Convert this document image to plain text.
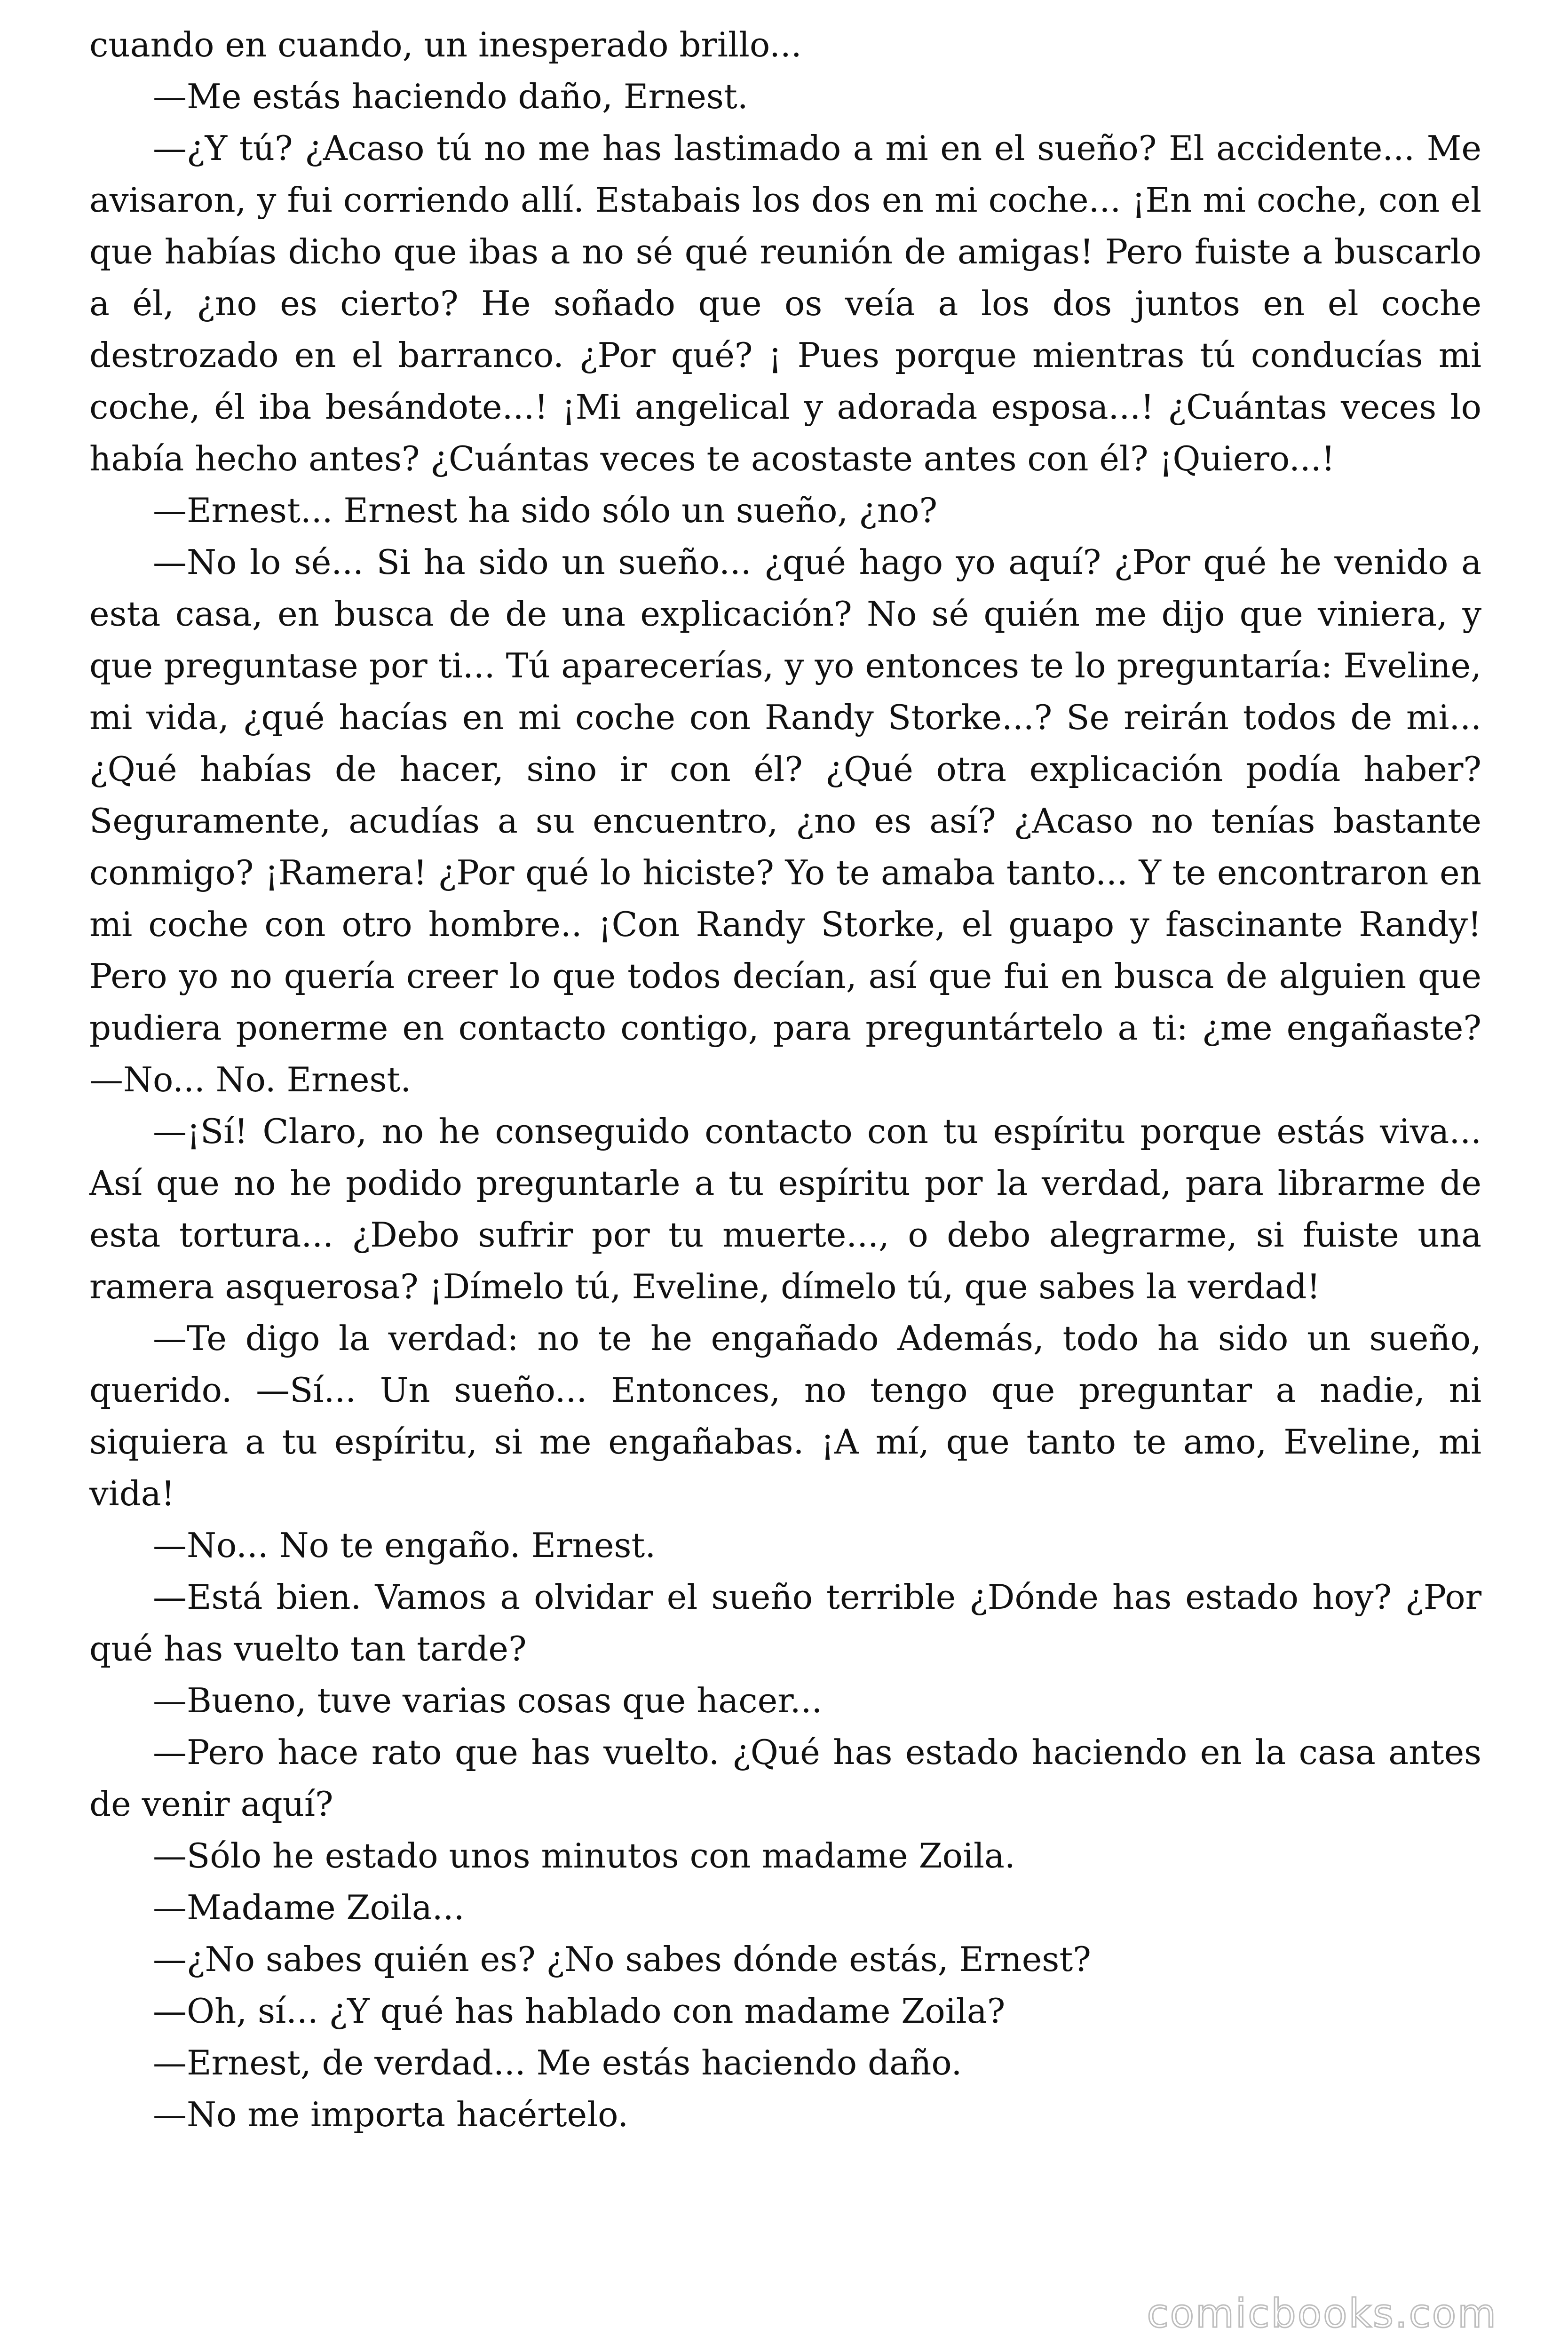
cuando en cuando, un inesperado brillo...

—Me estás haciendo daño, Ernest.

—¿Y tú? ¿Acaso tú no me has lastimado a mi en el sueño? El accidente... Me avisaron, y fui corriendo allí. Estabais los dos en mi coche... ¡En mi coche, con el que habías dicho que ibas a no sé qué reunión de amigas! Pero fuiste a buscarlo a él, ¿no es cierto? He soñado que os veía a los dos juntos en el coche destrozado en el barranco. ¿Por qué? ¡ Pues porque mientras tú conducías mi coche, él iba besándote...! ¡Mi angelical y adorada esposa...! ¿Cuántas veces lo había hecho antes? ¿Cuántas veces te acostaste antes con él? ¡Quiero...!

—Ernest... Ernest ha sido sólo un sueño, ¿no?

—No lo sé... Si ha sido un sueño... ¿qué hago yo aquí? ¿Por qué he venido a esta casa, en busca de de una explicación? No sé quién me dijo que viniera, y que preguntase por ti... Tú aparecerías, y yo entonces te lo preguntaría: Eveline, mi vida, ¿qué hacías en mi coche con Randy Storke...? Se reirán todos de mi... ¿Qué habías de hacer, sino ir con él? ¿Qué otra explicación podía haber? Seguramente, acudías a su encuentro, ¿no es así? ¿Acaso no tenías bastante conmigo? ¡Ramera! ¿Por qué lo hiciste? Yo te amaba tanto... Y te encontraron en mi coche con otro hombre.. ¡Con Randy Storke, el guapo y fascinante Randy! Pero yo no quería creer lo que todos decían, así que fui en busca de alguien que pudiera ponerme en contacto contigo, para preguntártelo a ti: ¿me engañaste? —No... No. Ernest.

—¡Sí! Claro, no he conseguido contacto con tu espíritu porque estás viva... Así que no he podido preguntarle a tu espíritu por la verdad, para librarme de esta tortura... ¿Debo sufrir por tu muerte..., o debo alegrarme, si fuiste una ramera asquerosa? ¡Dímelo tú, Eveline, dímelo tú, que sabes la verdad!

—Te digo la verdad: no te he engañado Además, todo ha sido un sueño, querido. —Sí... Un sueño... Entonces, no tengo que preguntar a nadie, ni siquiera a tu espíritu, si me engañabas. ¡A mí, que tanto te amo, Eveline, mi vida!

—No... No te engaño. Ernest.

—Está bien. Vamos a olvidar el sueño terrible ¿Dónde has estado hoy? ¿Por qué has vuelto tan tarde?

—Bueno, tuve varias cosas que hacer...

—Pero hace rato que has vuelto. ¿Qué has estado haciendo en la casa antes de venir aquí?

—Sólo he estado unos minutos con madame Zoila.

—Madame Zoila...

—¿No sabes quién es? ¿No sabes dónde estás, Ernest?

—Oh, sí... ¿Y qué has hablado con madame Zoila?

—Ernest, de verdad... Me estás haciendo daño.

—No me importa hacértelo.

comicbooks.com
